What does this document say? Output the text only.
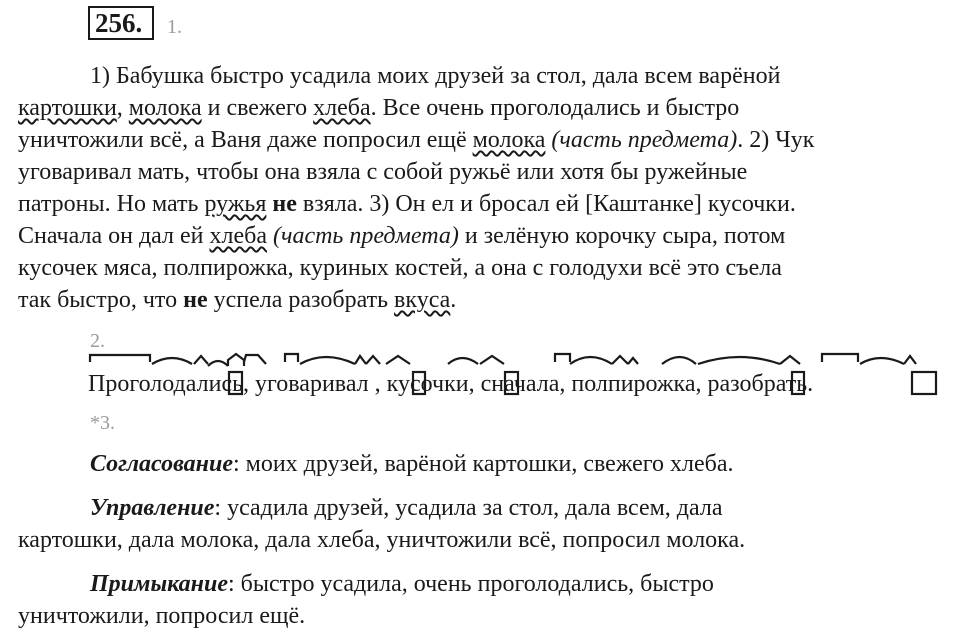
256.	1.
1) Бабушка быстро усадила моих друзей за стол, дала всем варёной
картошки, молока и свежего хлеба. Все очень проголодались и быстро
уничтожили всё, а Ваня даже попросил ещё молока (часть предмета). 2) Чук
уговаривал мать, чтобы она взяла с собой ружьё или хотя бы ружейные
патроны. Но мать ружья не взяла. 3) Он ел и бросал ей [Каштанке] кусочки.
Сначала он дал ей хлеба (часть предмета) и зелёную корочку сыра, потом
кусочек мяса, полпирожка, куриных костей, а она с голодухи всё это съела
так быстро, что не успела разобрать вкуса.
2.
Проголодались, уговаривал , кусочки, сначала, полпирожка, разобрать.
*3.
Согласование: моих друзей, варёной картошки, свежего хлеба.
Управление: усадила друзей, усадила за стол, дала всем, дала
картошки, дала молока, дала хлеба, уничтожили всё, попросил молока.
Примыкание: быстро усадила, очень проголодались, быстро
уничтожили, попросил ещё.
